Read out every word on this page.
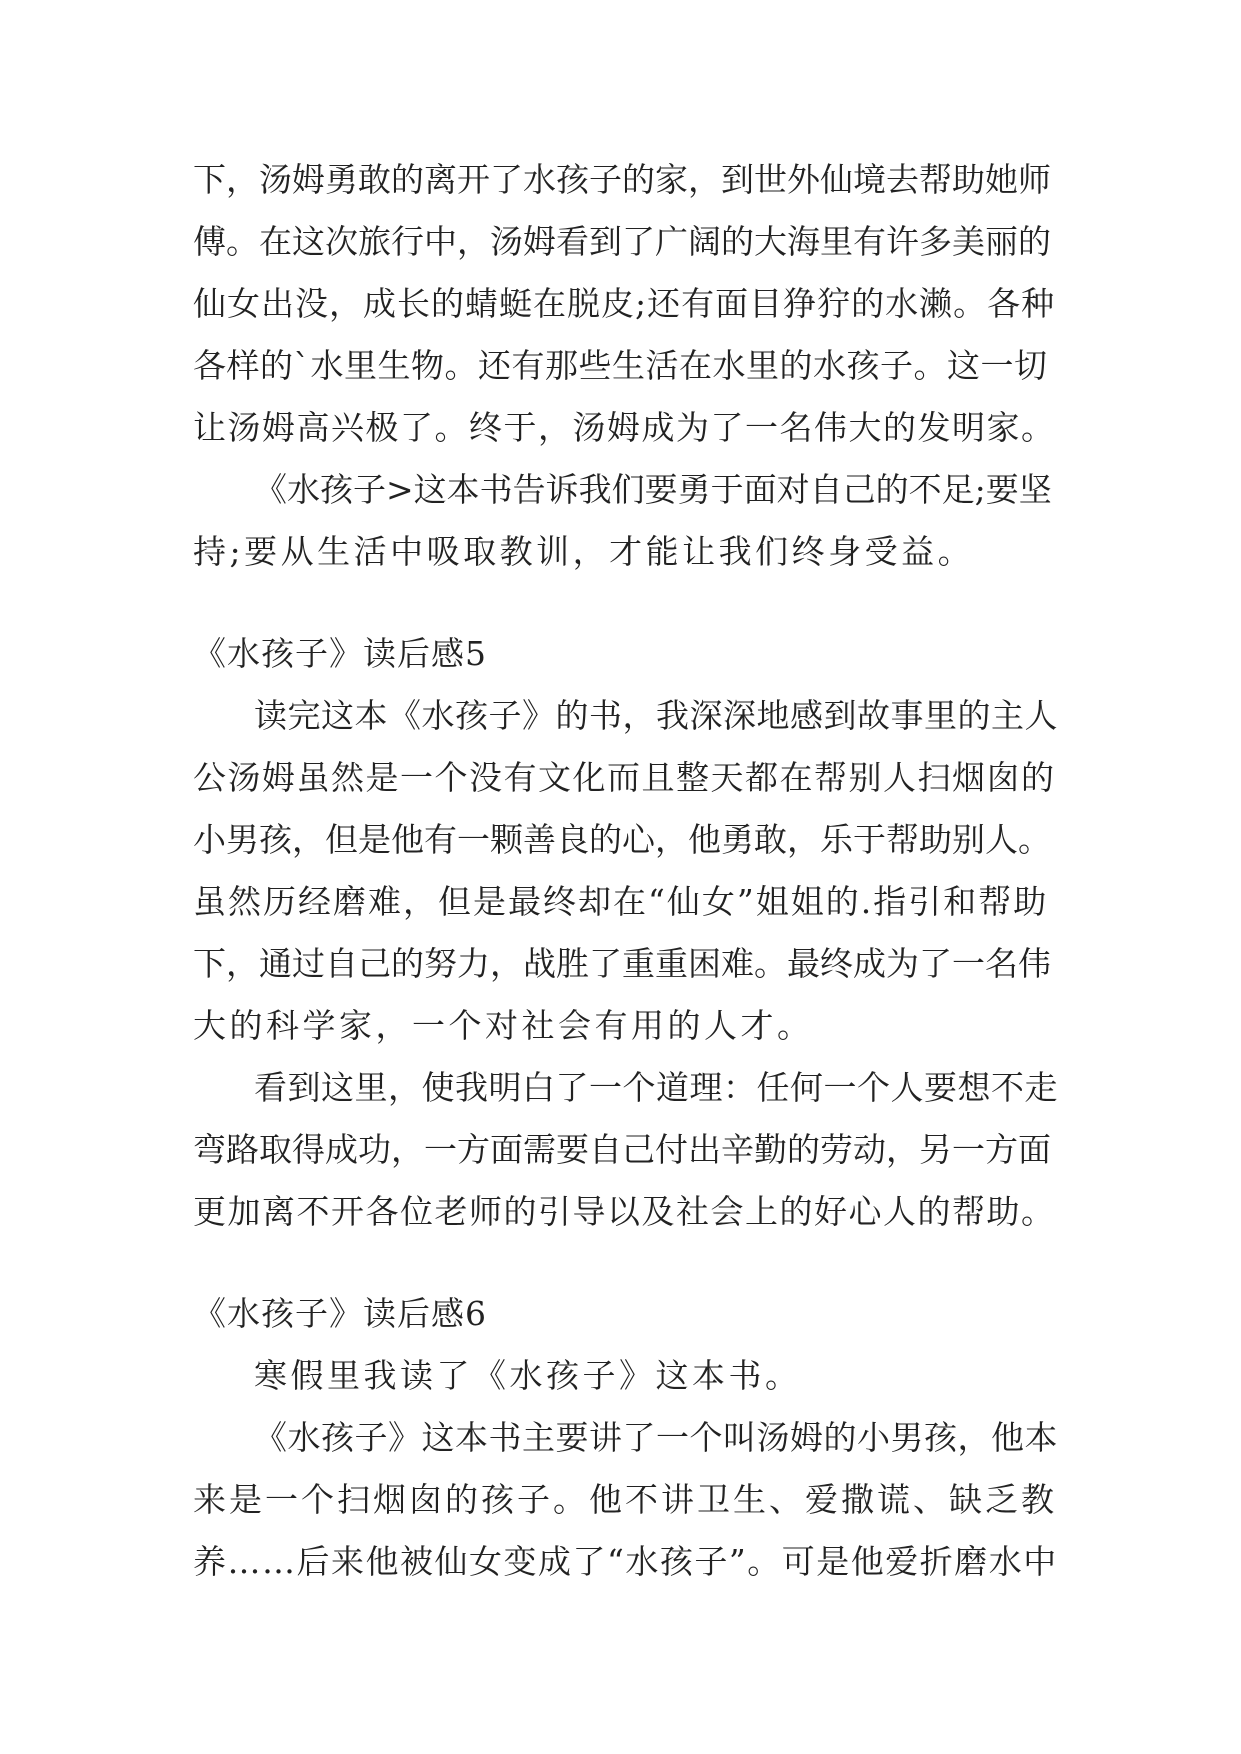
下，汤姆勇敢的离开了水孩子的家，到世外仙境去帮助她师
傅。在这次旅行中，汤姆看到了广阔的大海里有许多美丽的
仙女出没，成长的蜻蜓在脱皮;还有面目狰狞的水濑。各种
各样的`水里生物。还有那些生活在水里的水孩子。这一切
让汤姆高兴极了。终于，汤姆成为了一名伟大的发明家。
《水孩子>这本书告诉我们要勇于面对自己的不足;要坚
持;要从生活中吸取教训，才能让我们终身受益。
《水孩子》读后感5
读完这本《水孩子》的书，我深深地感到故事里的主人
公汤姆虽然是一个没有文化而且整天都在帮别人扫烟囱的
小男孩，但是他有一颗善良的心，他勇敢，乐于帮助别人。
虽然历经磨难，但是最终却在“仙女”姐姐的.指引和帮助
下，通过自己的努力，战胜了重重困难。最终成为了一名伟
大的科学家，一个对社会有用的人才。
看到这里，使我明白了一个道理：任何一个人要想不走
弯路取得成功，一方面需要自己付出辛勤的劳动，另一方面
更加离不开各位老师的引导以及社会上的好心人的帮助。
《水孩子》读后感6
寒假里我读了《水孩子》这本书。
《水孩子》这本书主要讲了一个叫汤姆的小男孩，他本
来是一个扫烟囱的孩子。他不讲卫生、爱撒谎、缺乏教
养……后来他被仙女变成了“水孩子”。可是他爱折磨水中
